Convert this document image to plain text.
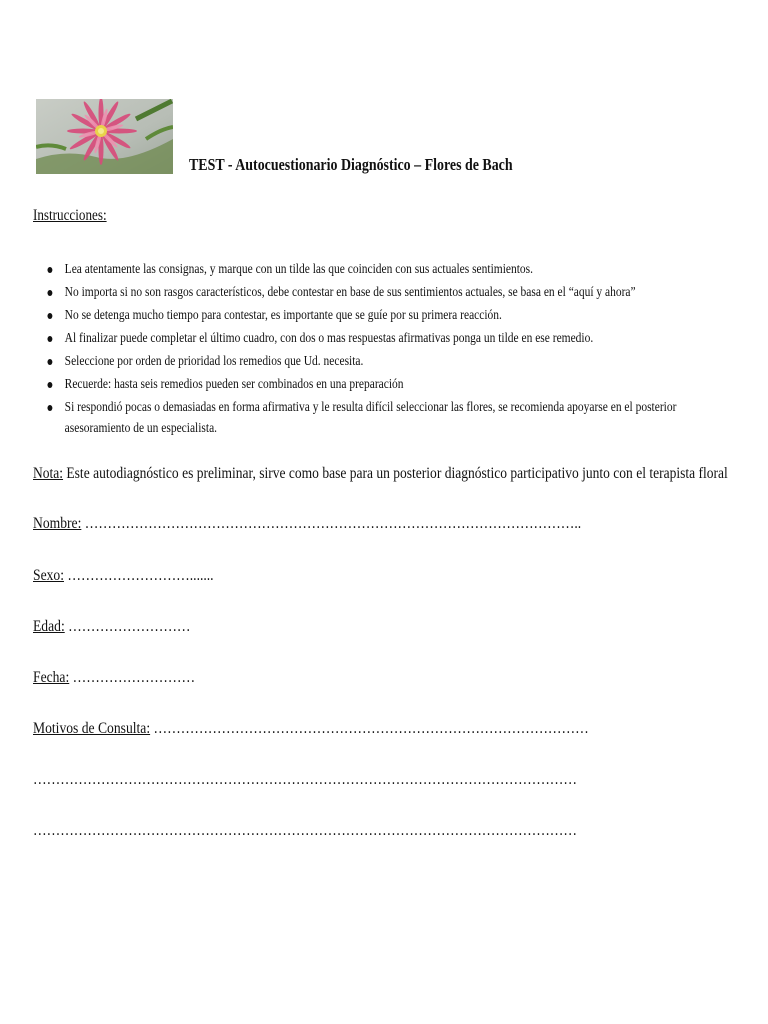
TEST - Autocuestionario Diagnóstico – Flores de Bach
Instrucciones:
Lea atentamente las consignas, y marque con un tilde las que coinciden con sus actuales sentimientos.
No importa si no son rasgos característicos, debe contestar en base de sus sentimientos actuales, se basa en el “aquí y ahora”
No se detenga mucho tiempo para contestar, es importante que se guíe por su primera reacción.
Al finalizar puede completar el último cuadro, con dos o mas respuestas afirmativas ponga un tilde en ese remedio.
Seleccione por orden de prioridad los remedios que Ud. necesita.
Recuerde: hasta seis remedios pueden ser combinados en una preparación
Si respondió pocas o demasiadas en forma afirmativa y le resulta difícil seleccionar las flores, se recomienda apoyarse en el posterior asesoramiento de un especialista.
Nota: Este autodiagnóstico es preliminar, sirve como base para un posterior diagnóstico participativo junto con el terapista floral
Nombre: ………………………………………………………………………………………………..
Sexo: ……………………….......
Edad: ………………………
Fecha: ………………………
Motivos de Consulta: ……………………………………………………………………………………
…………………………………………………………………………………………………………
…………………………………………………………………………………………………………
